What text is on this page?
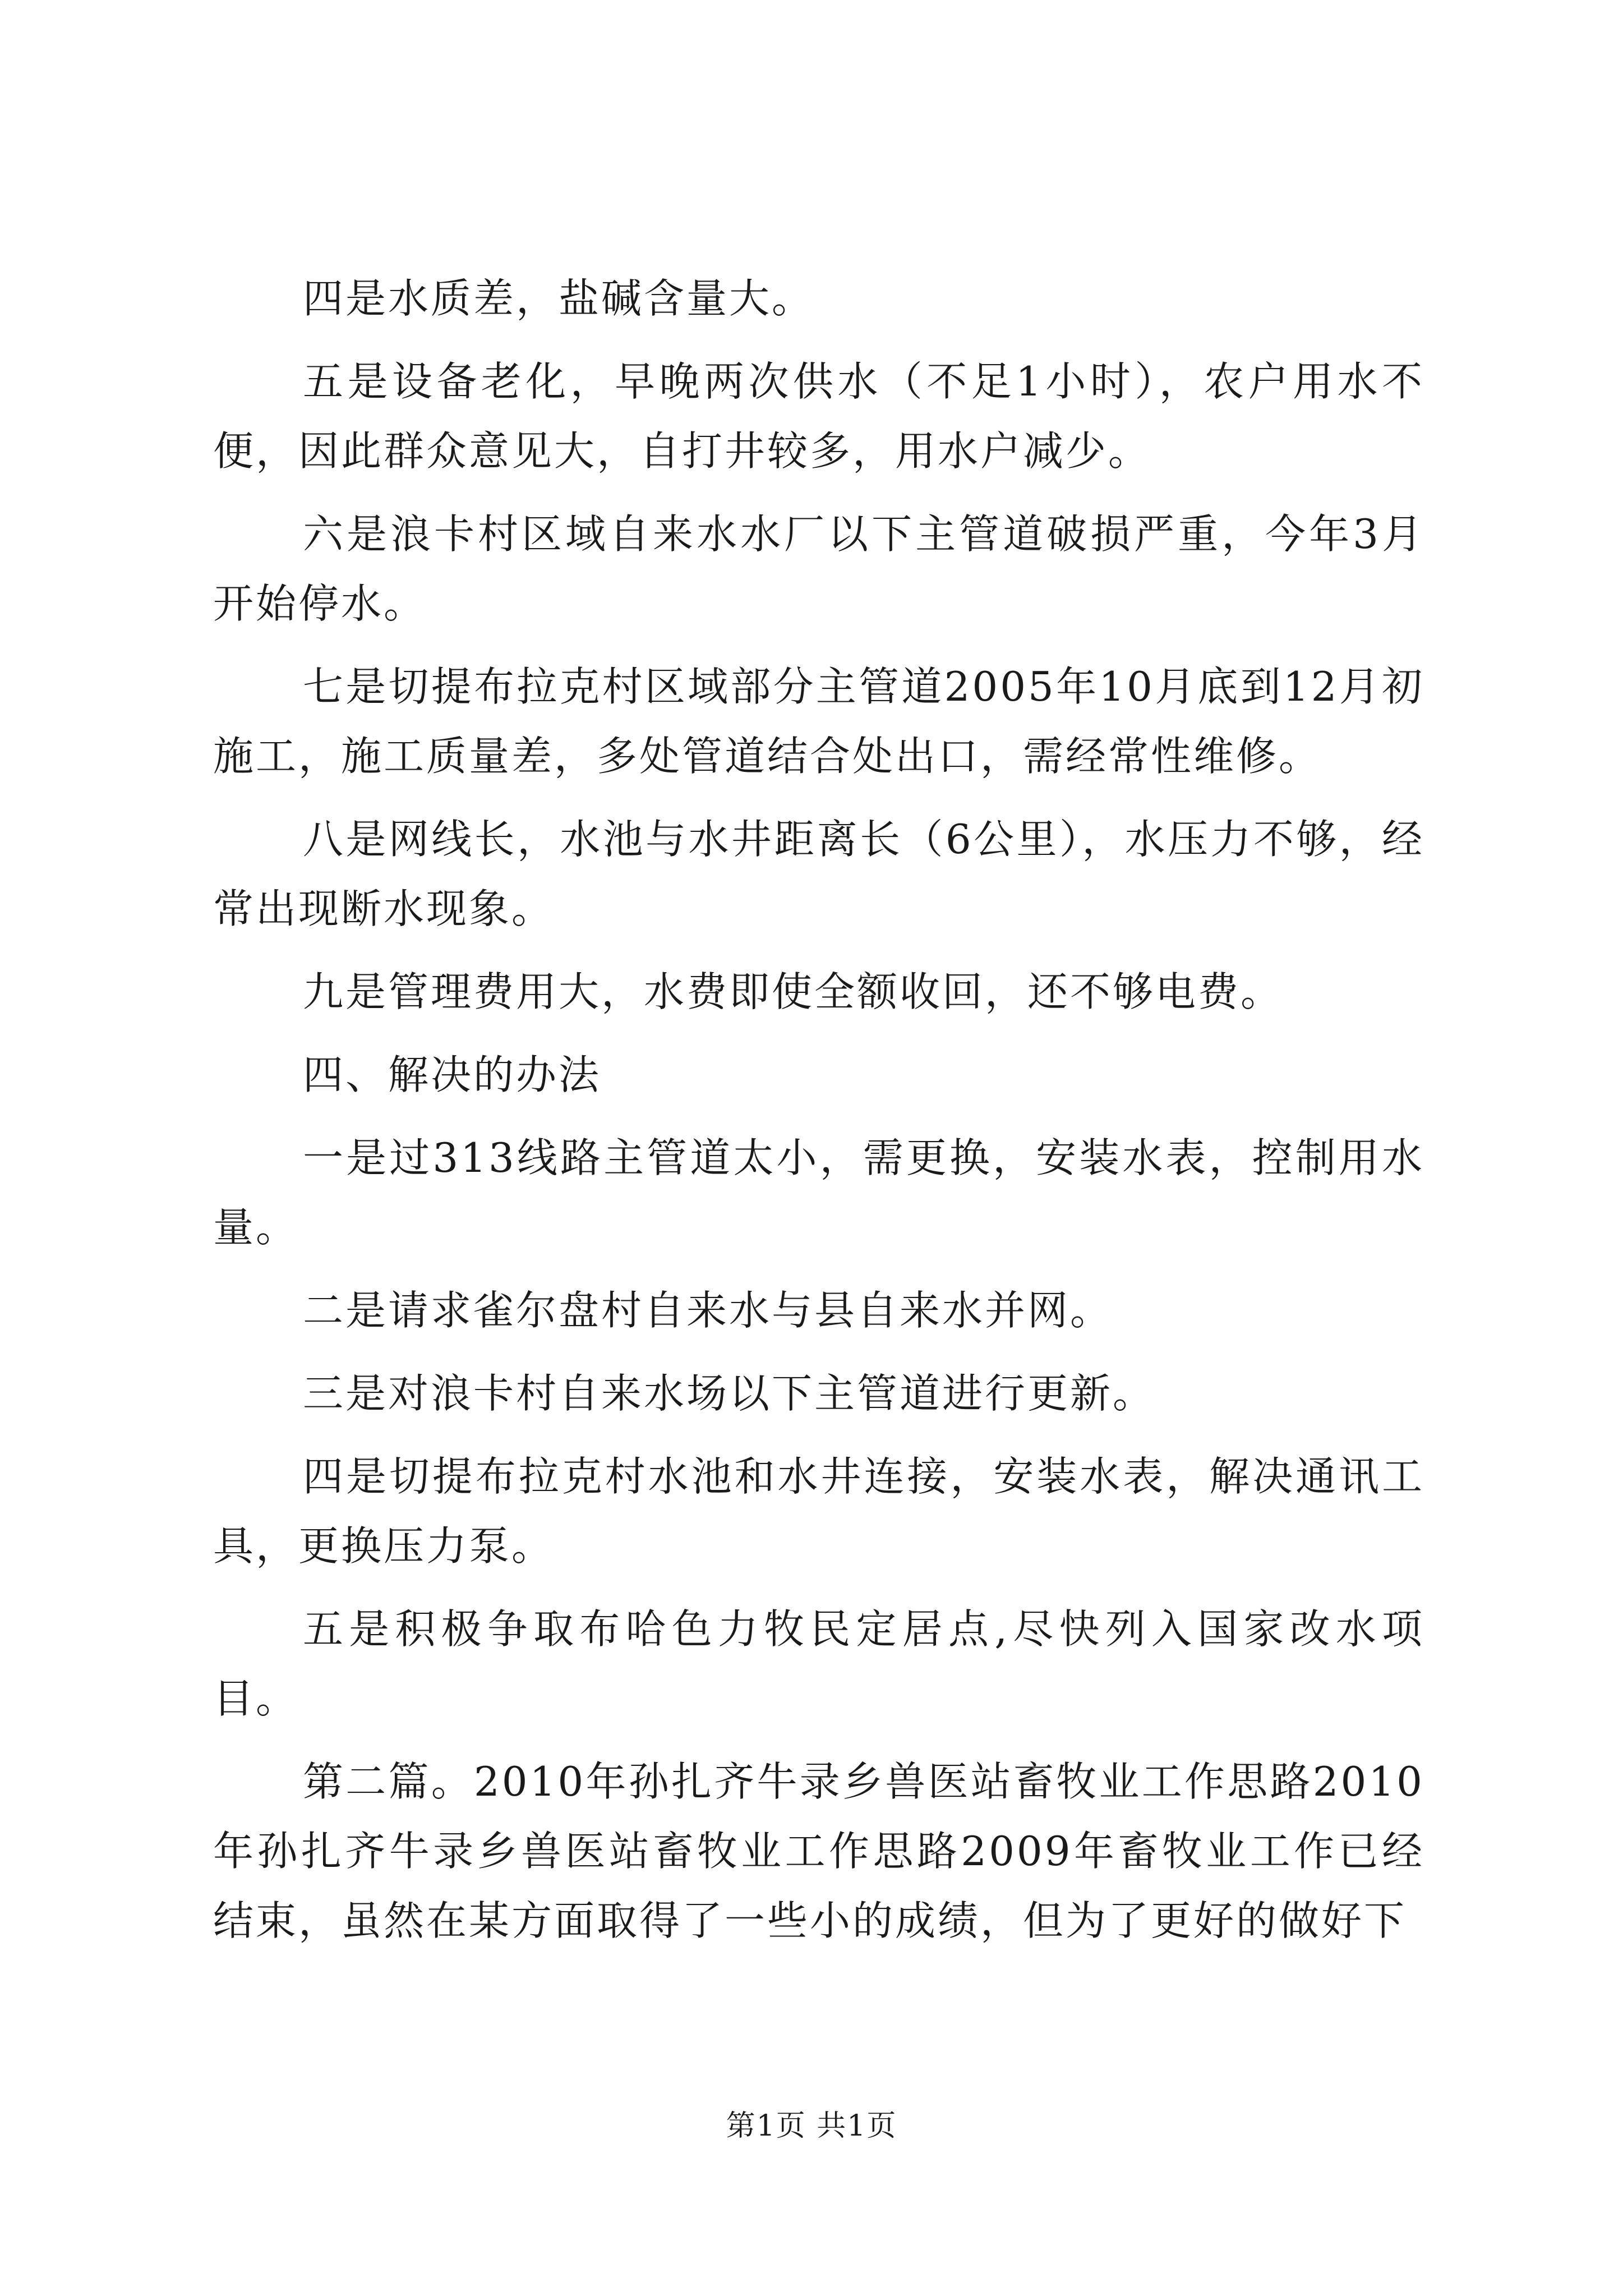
四是水质差，盐碱含量大。

五是设备老化，早晚两次供水（不足1小时），农户用水不便，因此群众意见大，自打井较多，用水户减少。

六是浪卡村区域自来水水厂以下主管道破损严重，今年3月开始停水。

七是切提布拉克村区域部分主管道2005年10月底到12月初施工，施工质量差，多处管道结合处出口，需经常性维修。

八是网线长，水池与水井距离长（6公里），水压力不够，经常出现断水现象。

九是管理费用大，水费即使全额收回，还不够电费。

四、解决的办法

一是过313线路主管道太小，需更换，安装水表，控制用水量。

二是请求雀尔盘村自来水与县自来水并网。

三是对浪卡村自来水场以下主管道进行更新。

四是切提布拉克村水池和水井连接，安装水表，解决通讯工具，更换压力泵。

五是积极争取布哈色力牧民定居点,尽快列入国家改水项目。

第二篇。2010年孙扎齐牛录乡兽医站畜牧业工作思路2010年孙扎齐牛录乡兽医站畜牧业工作思路2009年畜牧业工作已经结束，虽然在某方面取得了一些小的成绩，但为了更好的做好下

第1页 共1页
